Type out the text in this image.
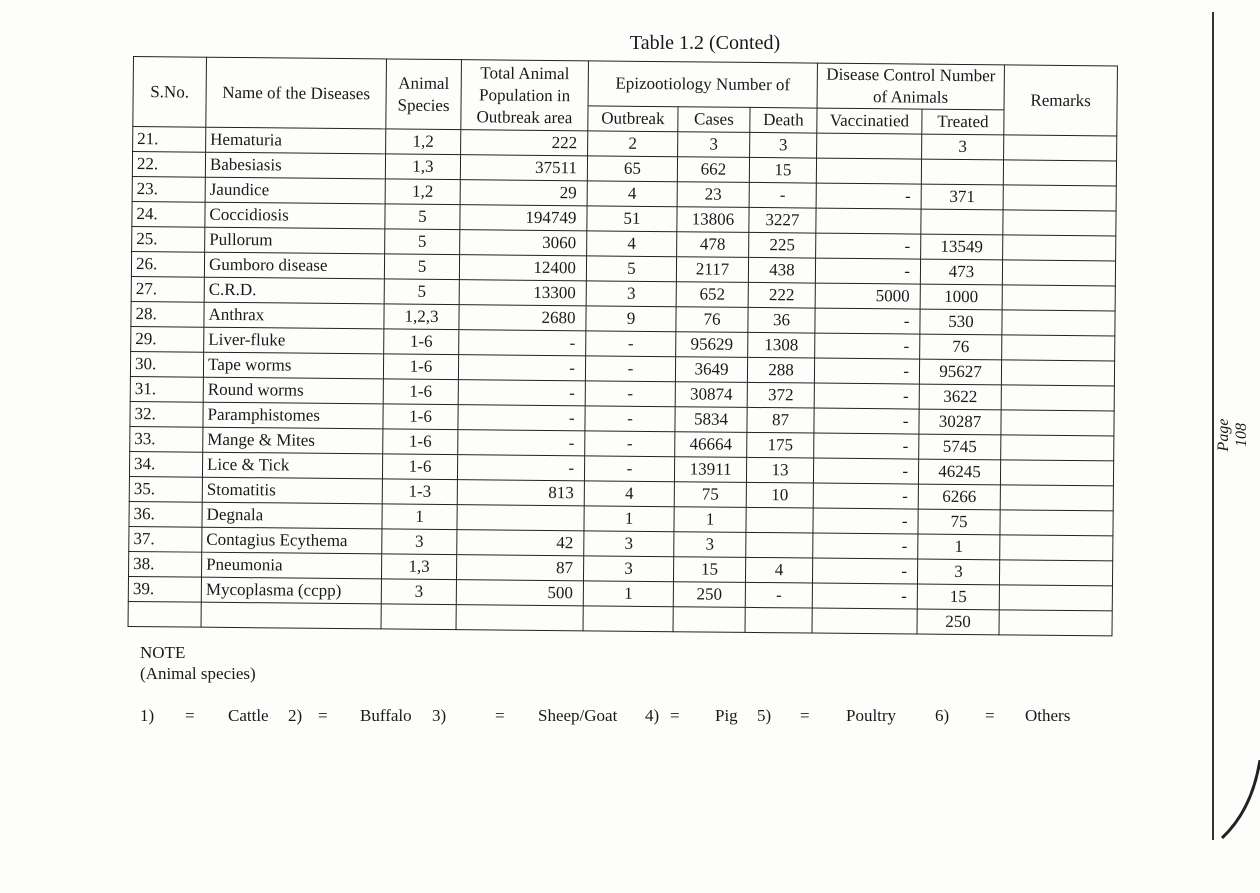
Table 1.2 (Conted)
S.No.	Name of the Diseases	Animal Species	Total Animal Population in Outbreak area	Epizootiology Number of			Disease Control Number of Animals		Remarks
				Outbreak	Cases	Death	Vaccinatied	Treated	
21.	Hematuria	1,2	222	2	3	3		3	
22.	Babesiasis	1,3	37511	65	662	15			
23.	Jaundice	1,2	29	4	23	-	-	371	
24.	Coccidiosis	5	194749	51	13806	3227			
25.	Pullorum	5	3060	4	478	225	-	13549	
26.	Gumboro disease	5	12400	5	2117	438	-	473	
27.	C.R.D.	5	13300	3	652	222	5000	1000	
28.	Anthrax	1,2,3	2680	9	76	36	-	530	
29.	Liver-fluke	1-6	-	-	95629	1308	-	76	
30.	Tape worms	1-6	-	-	3649	288	-	95627	
31.	Round worms	1-6	-	-	30874	372	-	3622	
32.	Paramphistomes	1-6	-	-	5834	87	-	30287	
33.	Mange & Mites	1-6	-	-	46664	175	-	5745	
34.	Lice & Tick	1-6	-	-	13911	13	-	46245	
35.	Stomatitis	1-3	813	4	75	10	-	6266	
36.	Degnala	1		1	1		-	75	
37.	Contagius Ecythema	3	42	3	3		-	1	
38.	Pneumonia	1,3	87	3	15	4	-	3	
39.	Mycoplasma (ccpp)	3	500	1	250	-	-	15	
								250	
NOTE
(Animal species)
1) = Cattle 2) = Buffalo 3)	= Sheep/Goat 4) = Pig 5) = Poultry 6) = Others
Page 108
